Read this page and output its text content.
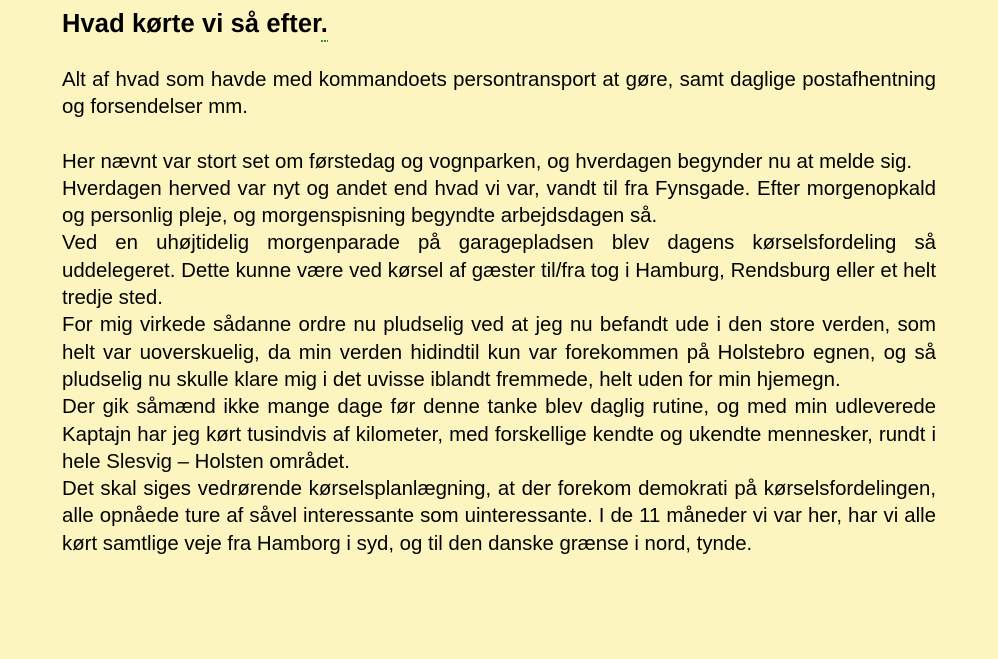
Hvad kørte vi så efter.

Alt af hvad som havde med kommandoets persontransport at gøre, samt daglige postafhentning og forsendelser mm.

Her nævnt var stort set om førstedag og vognparken, og hverdagen begynder nu at melde sig.

Hverdagen herved var nyt og andet end hvad vi var, vandt til fra Fynsgade. Efter morgenopkald og personlig pleje, og morgenspisning begyndte arbejdsdagen så.

Ved en uhøjtidelig morgenparade på garagepladsen blev dagens kørselsfordeling så uddelegeret. Dette kunne være ved kørsel af gæster til/fra tog i Hamburg, Rendsburg eller et helt tredje sted.

For mig virkede sådanne ordre nu pludselig ved at jeg nu befandt ude i den store verden, som helt var uoverskuelig, da min verden hidindtil kun var forekommen på Holstebro egnen, og så pludselig nu skulle klare mig i det uvisse iblandt fremmede, helt uden for min hjemegn.

Der gik såmænd ikke mange dage før denne tanke blev daglig rutine, og med min udleverede Kaptajn har jeg kørt tusindvis af kilometer, med forskellige kendte og ukendte mennesker, rundt i hele Slesvig – Holsten området.

Det skal siges vedrørende kørselsplanlægning, at der forekom demokrati på kørselsfordelingen, alle opnåede ture af såvel interessante som uinteressante. I de 11 måneder vi var her, har vi alle kørt samtlige veje fra Hamborg i syd, og til den danske grænse i nord, tynde.
